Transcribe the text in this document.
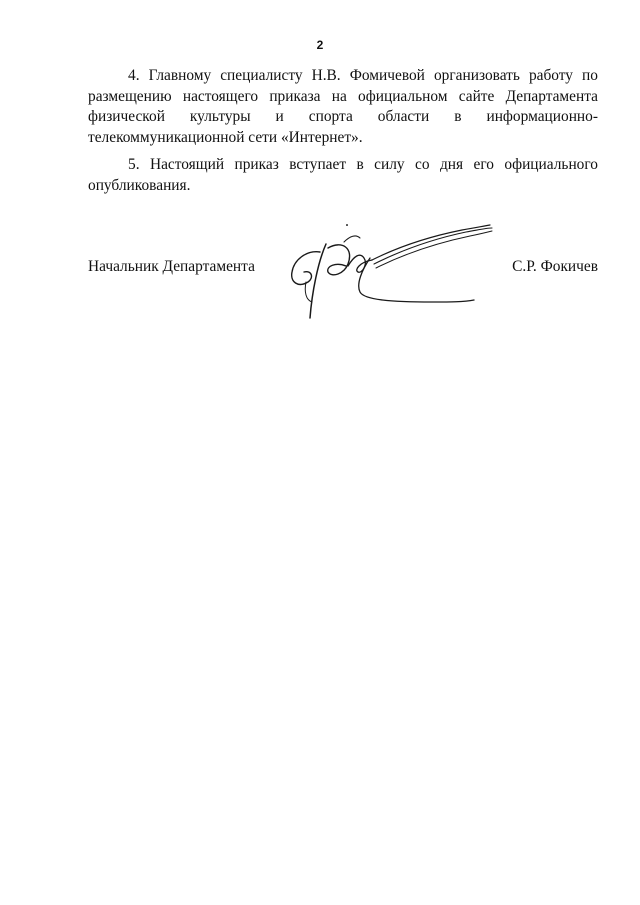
2
4. Главному специалисту Н.В. Фомичевой организовать работу по
размещению настоящего приказа на официальном сайте Департамента
физической культуры и спорта области в информационно-
телекоммуникационной сети «Интернет».
5. Настоящий приказ вступает в силу со дня его официального
опубликования.
Начальник Департамента	С.Р. Фокичев
